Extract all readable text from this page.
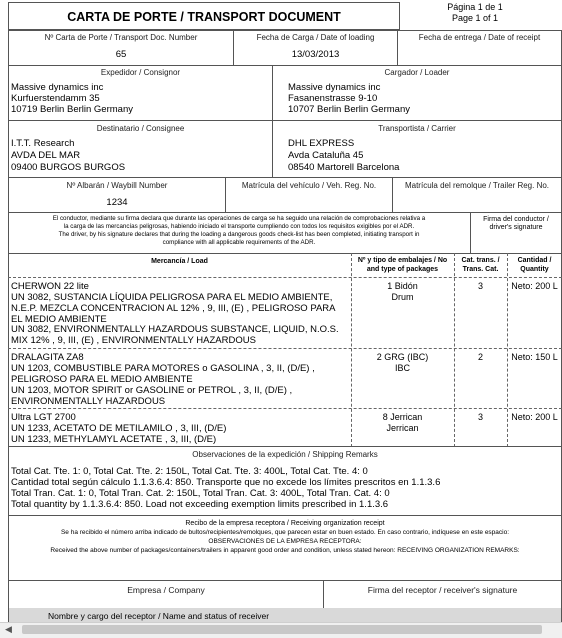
CARTA DE PORTE / TRANSPORT DOCUMENT
Página 1 de 1
Page 1 of 1
Nº Carta de Porte / Transport Doc. Number
65
Fecha de Carga / Date of loading
13/03/2013
Fecha de entrega / Date of receipt
Expedidor / Consignor
Massive dynamics inc
Kurfuerstendamm 35
10719 Berlin Berlin Germany
Cargador / Loader
Massive dynamics inc
Fasanenstrasse 9-10
10707 Berlin Berlin Germany
Destinatario / Consignee
I.T.T. Research
AVDA DEL MAR
09400 BURGOS BURGOS
Transportista / Carrier
DHL EXPRESS
Avda Cataluña 45
08540 Martorell Barcelona
Nº Albarán / Waybill Number
1234
Matrícula del vehículo / Veh. Reg. No.	Matrícula del remolque / Trailer Reg. No.
El conductor, mediante su firma declara que durante las operaciones de carga se ha seguido una relación de comprobaciones relativa a
la carga de las mercancías peligrosas, habiendo iniciado el transporte cumpliendo con todos los requisitos exigibles por el ADR.
The driver, by his signature declares that during the loading a dangerous goods check-list has been completed, initiating transport in
compliance with all applicable requirements of the ADR.
Firma del conductor /
driver's signature
Mercancía / Load	Nº y tipo de embalajes / No
and type of packages
Cat. trans. /
Trans. Cat.
Cantidad /
Quantity
CHERWON 22 lite
UN 3082, SUSTANCIA LÍQUIDA PELIGROSA PARA EL MEDIO AMBIENTE,
N.E.P. MEZCLA CONCENTRACION AL 12% , 9, III, (E) , PELIGROSO PARA
EL MEDIO AMBIENTE
UN 3082, ENVIRONMENTALLY HAZARDOUS SUBSTANCE, LIQUID, N.O.S.
MIX 12% , 9, III, (E) , ENVIRONMENTALLY HAZARDOUS
1 Bidón
Drum
3	Neto: 200 L
DRALAGITA ZA8
UN 1203, COMBUSTIBLE PARA MOTORES o GASOLINA , 3, II, (D/E) ,
PELIGROSO PARA EL MEDIO AMBIENTE
UN 1203, MOTOR SPIRIT or GASOLINE or PETROL , 3, II, (D/E) ,
ENVIRONMENTALLY HAZARDOUS
2 GRG (IBC)
IBC
2	Neto: 150 L
Ultra LGT 2700
UN 1233, ACETATO DE METILAMILO , 3, III, (D/E)
UN 1233, METHYLAMYL ACETATE , 3, III, (D/E)
8 Jerrican
Jerrican
3	Neto: 200 L
Observaciones de la expedición / Shipping Remarks
Total Cat. Tte. 1: 0, Total Cat. Tte. 2: 150L, Total Cat. Tte. 3: 400L, Total Cat. Tte. 4: 0
Cantidad total según cálculo 1.1.3.6.4: 850. Transporte que no excede los límites prescritos en 1.1.3.6
Total Tran. Cat. 1: 0, Total Tran. Cat. 2: 150L, Total Tran. Cat. 3: 400L, Total Tran. Cat. 4: 0
Total quantity by 1.1.3.6.4: 850. Load not exceeding exemption limits prescribed in 1.1.3.6
Recibo de la empresa receptora / Receiving organization receipt
Se ha recibido el número arriba indicado de bultos/recipientes/remolques, que parecen estar en buen estado. En caso contrario, indíquese en este espacio:
OBSERVACIONES DE LA EMPRESA RECEPTORA:
Received the above number of packages/containers/trailers in apparent good order and condition, unless stated hereon: RECEIVING ORGANIZATION REMARKS:
Empresa / Company	Firma del receptor / receiver's signature
Nombre y cargo del receptor / Name and status of receiver
◀
